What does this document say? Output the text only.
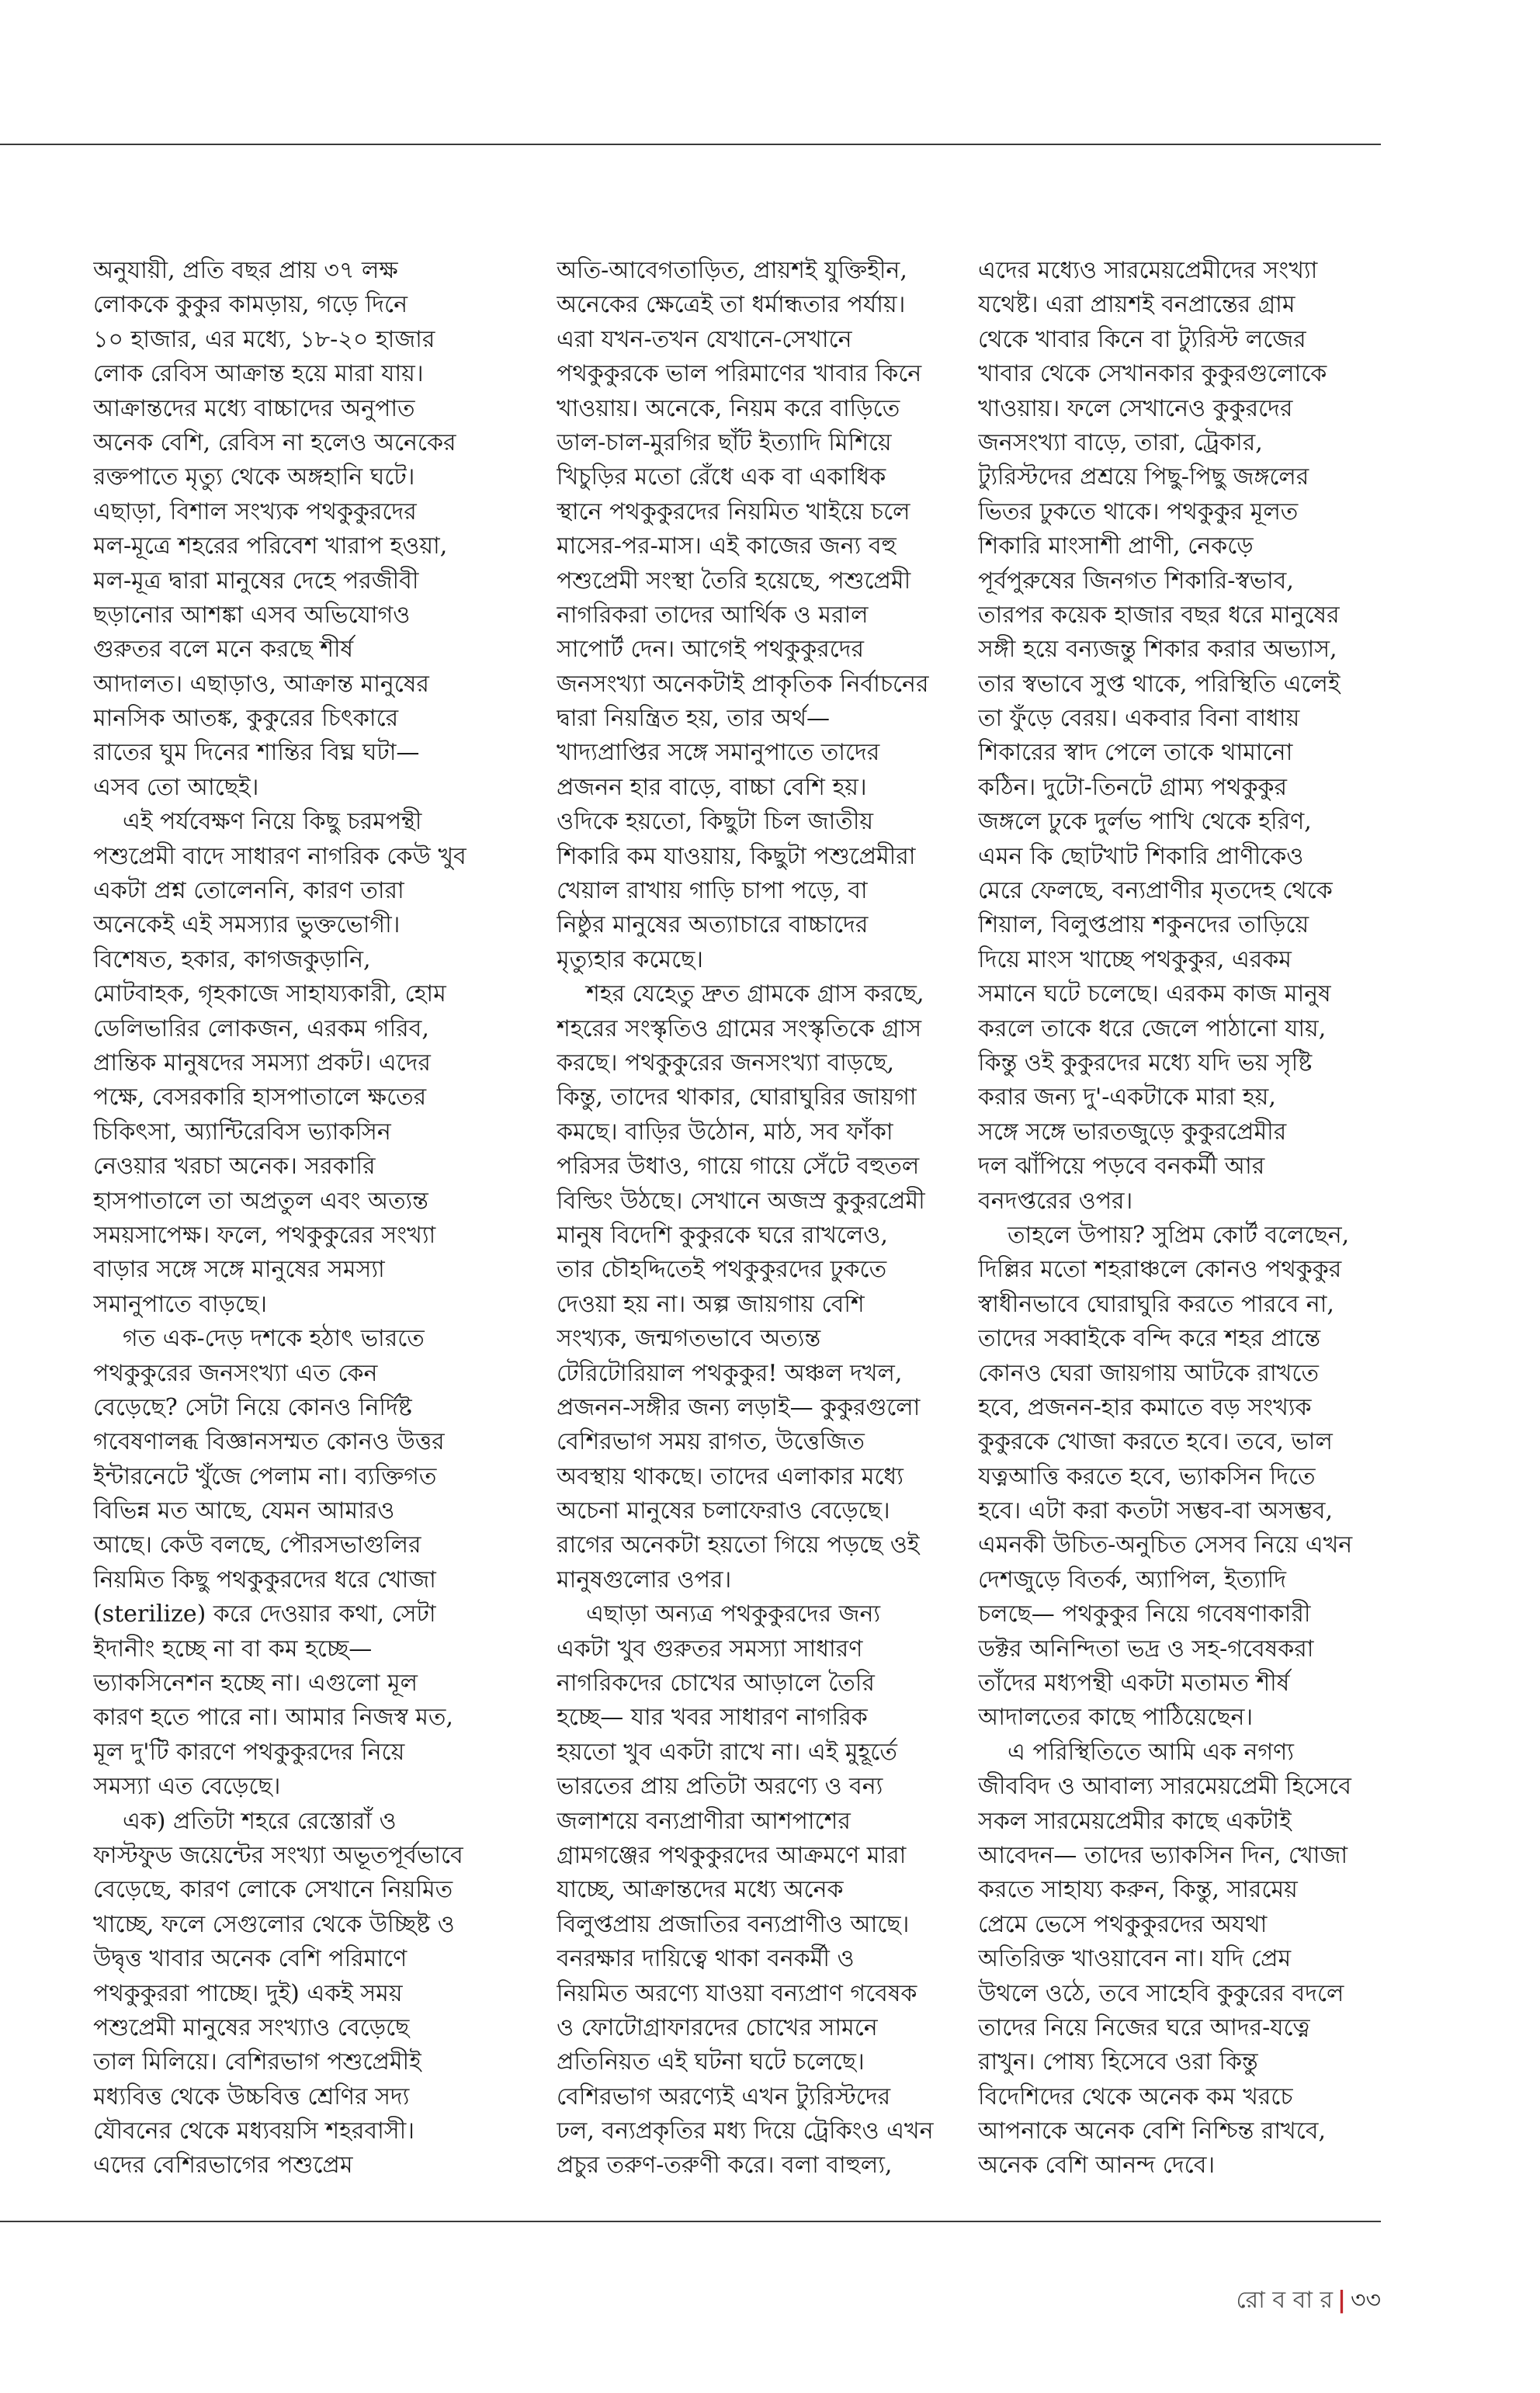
অনুযায়ী, প্রতি বছর প্রায় ৩৭ লক্ষ
লোককে কুকুর কামড়ায়, গড়ে দিনে
১০ হাজার, এর মধ্যে, ১৮-২০ হাজার
লোক রেবিস আক্রান্ত হয়ে মারা যায়।
আক্রান্তদের মধ্যে বাচ্চাদের অনুপাত
অনেক বেশি, রেবিস না হলেও অনেকের
রক্তপাতে মৃত্যু থেকে অঙ্গহানি ঘটে।
এছাড়া, বিশাল সংখ্যক পথকুকুরদের
মল-মূত্রে শহরের পরিবেশ খারাপ হওয়া,
মল-মূত্র দ্বারা মানুষের দেহে পরজীবী
ছড়ানোর আশঙ্কা এসব অভিযোগও
গুরুতর বলে মনে করছে শীর্ষ
আদালত। এছাড়াও, আক্রান্ত মানুষের
মানসিক আতঙ্ক, কুকুরের চিৎকারে
রাতের ঘুম দিনের শান্তির বিঘ্ন ঘটা—
এসব তো আছেই।
এই পর্যবেক্ষণ নিয়ে কিছু চরমপন্থী
পশুপ্রেমী বাদে সাধারণ নাগরিক কেউ খুব
একটা প্রশ্ন তোলেননি, কারণ তারা
অনেকেই এই সমস্যার ভুক্তভোগী।
বিশেষত, হকার, কাগজকুড়ানি,
মোটবাহক, গৃহকাজে সাহায্যকারী, হোম
ডেলিভারির লোকজন, এরকম গরিব,
প্রান্তিক মানুষদের সমস্যা প্রকট। এদের
পক্ষে, বেসরকারি হাসপাতালে ক্ষতের
চিকিৎসা, অ্যান্টিরেবিস ভ্যাকসিন
নেওয়ার খরচা অনেক। সরকারি
হাসপাতালে তা অপ্রতুল এবং অত্যন্ত
সময়সাপেক্ষ। ফলে, পথকুকুরের সংখ্যা
বাড়ার সঙ্গে সঙ্গে মানুষের সমস্যা
সমানুপাতে বাড়ছে।
গত এক-দেড় দশকে হঠাৎ ভারতে
পথকুকুরের জনসংখ্যা এত কেন
বেড়েছে? সেটা নিয়ে কোনও নির্দিষ্ট
গবেষণালব্ধ বিজ্ঞানসম্মত কোনও উত্তর
ইন্টারনেটে খুঁজে পেলাম না। ব্যক্তিগত
বিভিন্ন মত আছে, যেমন আমারও
আছে। কেউ বলছে, পৌরসভাগুলির
নিয়মিত কিছু পথকুকুরদের ধরে খোজা
(sterilize) করে দেওয়ার কথা, সেটা
ইদানীং হচ্ছে না বা কম হচ্ছে—
ভ্যাকসিনেশন হচ্ছে না। এগুলো মূল
কারণ হতে পারে না। আমার নিজস্ব মত,
মূল দু'টি কারণে পথকুকুরদের নিয়ে
সমস্যা এত বেড়েছে।
এক) প্রতিটা শহরে রেস্তোরাঁ ও
ফাস্টফুড জয়েন্টের সংখ্যা অভূতপূর্বভাবে
বেড়েছে, কারণ লোকে সেখানে নিয়মিত
খাচ্ছে, ফলে সেগুলোর থেকে উচ্ছিষ্ট ও
উদ্বৃত্ত খাবার অনেক বেশি পরিমাণে
পথকুকুররা পাচ্ছে। দুই) একই সময়
পশুপ্রেমী মানুষের সংখ্যাও বেড়েছে
তাল মিলিয়ে। বেশিরভাগ পশুপ্রেমীই
মধ্যবিত্ত থেকে উচ্চবিত্ত শ্রেণির সদ্য
যৌবনের থেকে মধ্যবয়সি শহরবাসী।
এদের বেশিরভাগের পশুপ্রেম
অতি-আবেগতাড়িত, প্রায়শই যুক্তিহীন,
অনেকের ক্ষেত্রেই তা ধর্মান্ধতার পর্যায়।
এরা যখন-তখন যেখানে-সেখানে
পথকুকুরকে ভাল পরিমাণের খাবার কিনে
খাওয়ায়। অনেকে, নিয়ম করে বাড়িতে
ডাল-চাল-মুরগির ছাঁট ইত্যাদি মিশিয়ে
খিচুড়ির মতো রেঁধে এক বা একাধিক
স্থানে পথকুকুরদের নিয়মিত খাইয়ে চলে
মাসের-পর-মাস। এই কাজের জন্য বহু
পশুপ্রেমী সংস্থা তৈরি হয়েছে, পশুপ্রেমী
নাগরিকরা তাদের আর্থিক ও মরাল
সাপোর্ট দেন। আগেই পথকুকুরদের
জনসংখ্যা অনেকটাই প্রাকৃতিক নির্বাচনের
দ্বারা নিয়ন্ত্রিত হয়, তার অর্থ—
খাদ্যপ্রাপ্তির সঙ্গে সমানুপাতে তাদের
প্রজনন হার বাড়ে, বাচ্চা বেশি হয়।
ওদিকে হয়তো, কিছুটা চিল জাতীয়
শিকারি কম যাওয়ায়, কিছুটা পশুপ্রেমীরা
খেয়াল রাখায় গাড়ি চাপা পড়ে, বা
নিষ্ঠুর মানুষের অত্যাচারে বাচ্চাদের
মৃত্যুহার কমেছে।
শহর যেহেতু দ্রুত গ্রামকে গ্রাস করছে,
শহরের সংস্কৃতিও গ্রামের সংস্কৃতিকে গ্রাস
করছে। পথকুকুরের জনসংখ্যা বাড়ছে,
কিন্তু, তাদের থাকার, ঘোরাঘুরির জায়গা
কমছে। বাড়ির উঠোন, মাঠ, সব ফাঁকা
পরিসর উধাও, গায়ে গায়ে সেঁটে বহুতল
বিল্ডিং উঠছে। সেখানে অজস্র কুকুরপ্রেমী
মানুষ বিদেশি কুকুরকে ঘরে রাখলেও,
তার চৌহদ্দিতেই পথকুকুরদের ঢুকতে
দেওয়া হয় না। অল্প জায়গায় বেশি
সংখ্যক, জন্মগতভাবে অত্যন্ত
টেরিটোরিয়াল পথকুকুর! অঞ্চল দখল,
প্রজনন-সঙ্গীর জন্য লড়াই— কুকুরগুলো
বেশিরভাগ সময় রাগত, উত্তেজিত
অবস্থায় থাকছে। তাদের এলাকার মধ্যে
অচেনা মানুষের চলাফেরাও বেড়েছে।
রাগের অনেকটা হয়তো গিয়ে পড়ছে ওই
মানুষগুলোর ওপর।
এছাড়া অন্যত্র পথকুকুরদের জন্য
একটা খুব গুরুতর সমস্যা সাধারণ
নাগরিকদের চোখের আড়ালে তৈরি
হচ্ছে— যার খবর সাধারণ নাগরিক
হয়তো খুব একটা রাখে না। এই মুহূর্তে
ভারতের প্রায় প্রতিটা অরণ্যে ও বন্য
জলাশয়ে বন্যপ্রাণীরা আশপাশের
গ্রামগঞ্জের পথকুকুরদের আক্রমণে মারা
যাচ্ছে, আক্রান্তদের মধ্যে অনেক
বিলুপ্তপ্রায় প্রজাতির বন্যপ্রাণীও আছে।
বনরক্ষার দায়িত্বে থাকা বনকর্মী ও
নিয়মিত অরণ্যে যাওয়া বন্যপ্রাণ গবেষক
ও ফোটোগ্রাফারদের চোখের সামনে
প্রতিনিয়ত এই ঘটনা ঘটে চলেছে।
বেশিরভাগ অরণ্যেই এখন ট্যুরিস্টদের
ঢল, বন্যপ্রকৃতির মধ্য দিয়ে ট্রেকিংও এখন
প্রচুর তরুণ-তরুণী করে। বলা বাহুল্য,
এদের মধ্যেও সারমেয়প্রেমীদের সংখ্যা
যথেষ্ট। এরা প্রায়শই বনপ্রান্তের গ্রাম
থেকে খাবার কিনে বা ট্যুরিস্ট লজের
খাবার থেকে সেখানকার কুকুরগুলোকে
খাওয়ায়। ফলে সেখানেও কুকুরদের
জনসংখ্যা বাড়ে, তারা, ট্রেকার,
ট্যুরিস্টদের প্রশ্রয়ে পিছু-পিছু জঙ্গলের
ভিতর ঢুকতে থাকে। পথকুকুর মূলত
শিকারি মাংসাশী প্রাণী, নেকড়ে
পূর্বপুরুষের জিনগত শিকারি-স্বভাব,
তারপর কয়েক হাজার বছর ধরে মানুষের
সঙ্গী হয়ে বন্যজন্তু শিকার করার অভ্যাস,
তার স্বভাবে সুপ্ত থাকে, পরিস্থিতি এলেই
তা ফুঁড়ে বেরয়। একবার বিনা বাধায়
শিকারের স্বাদ পেলে তাকে থামানো
কঠিন। দুটো-তিনটে গ্রাম্য পথকুকুর
জঙ্গলে ঢুকে দুর্লভ পাখি থেকে হরিণ,
এমন কি ছোটখাট শিকারি প্রাণীকেও
মেরে ফেলছে, বন্যপ্রাণীর মৃতদেহ থেকে
শিয়াল, বিলুপ্তপ্রায় শকুনদের তাড়িয়ে
দিয়ে মাংস খাচ্ছে পথকুকুর, এরকম
সমানে ঘটে চলেছে। এরকম কাজ মানুষ
করলে তাকে ধরে জেলে পাঠানো যায়,
কিন্তু ওই কুকুরদের মধ্যে যদি ভয় সৃষ্টি
করার জন্য দু'-একটাকে মারা হয়,
সঙ্গে সঙ্গে ভারতজুড়ে কুকুরপ্রেমীর
দল ঝাঁপিয়ে পড়বে বনকর্মী আর
বনদপ্তরের ওপর।
তাহলে উপায়? সুপ্রিম কোর্ট বলেছেন,
দিল্লির মতো শহরাঞ্চলে কোনও পথকুকুর
স্বাধীনভাবে ঘোরাঘুরি করতে পারবে না,
তাদের সব্বাইকে বন্দি করে শহর প্রান্তে
কোনও ঘেরা জায়গায় আটকে রাখতে
হবে, প্রজনন-হার কমাতে বড় সংখ্যক
কুকুরকে খোজা করতে হবে। তবে, ভাল
যত্নআত্তি করতে হবে, ভ্যাকসিন দিতে
হবে। এটা করা কতটা সম্ভব-বা অসম্ভব,
এমনকী উচিত-অনুচিত সেসব নিয়ে এখন
দেশজুড়ে বিতর্ক, অ্যাপিল, ইত্যাদি
চলছে— পথকুকুর নিয়ে গবেষণাকারী
ডক্টর অনিন্দিতা ভদ্র ও সহ-গবেষকরা
তাঁদের মধ্যপন্থী একটা মতামত শীর্ষ
আদালতের কাছে পাঠিয়েছেন।
এ পরিস্থিতিতে আমি এক নগণ্য
জীববিদ ও আবাল্য সারমেয়প্রেমী হিসেবে
সকল সারমেয়প্রেমীর কাছে একটাই
আবেদন— তাদের ভ্যাকসিন দিন, খোজা
করতে সাহায্য করুন, কিন্তু, সারমেয়
প্রেমে ভেসে পথকুকুরদের অযথা
অতিরিক্ত খাওয়াবেন না। যদি প্রেম
উথলে ওঠে, তবে সাহেবি কুকুরের বদলে
তাদের নিয়ে নিজের ঘরে আদর-যত্নে
রাখুন। পোষ্য হিসেবে ওরা কিন্তু
বিদেশিদের থেকে অনেক কম খরচে
আপনাকে অনেক বেশি নিশ্চিন্ত রাখবে,
অনেক বেশি আনন্দ দেবে।
রো ব বা র | ৩৩
